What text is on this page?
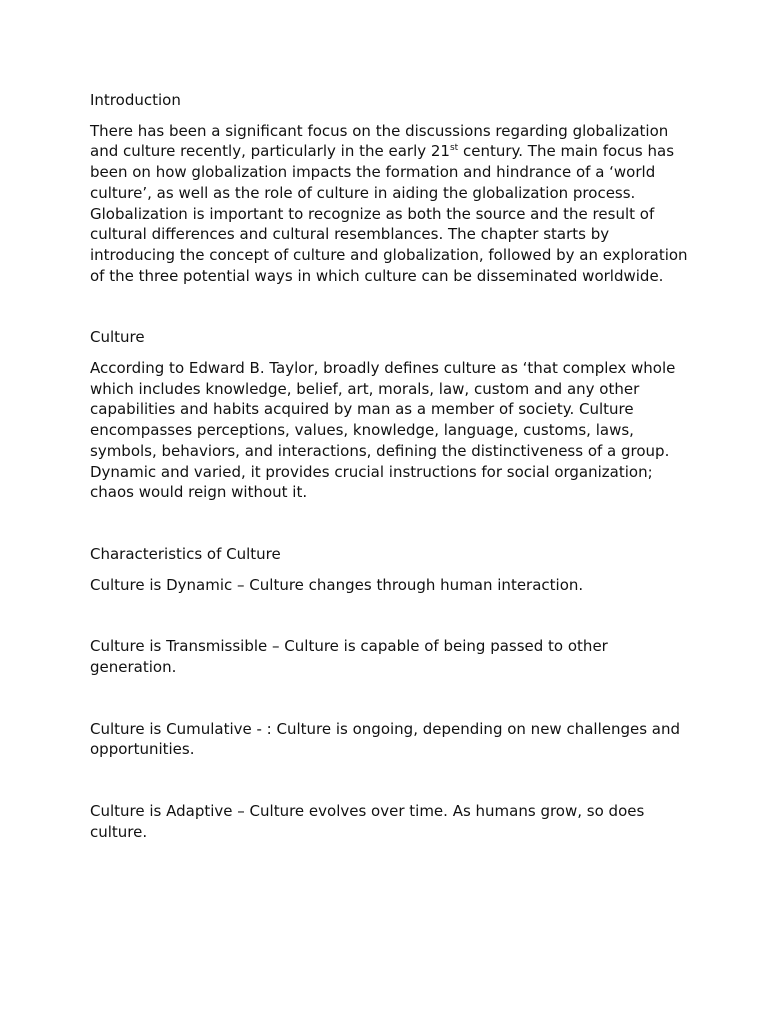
Introduction

There has been a significant focus on the discussions regarding globalization and culture recently, particularly in the early 21st century. The main focus has been on how globalization impacts the formation and hindrance of a ‘world culture’, as well as the role of culture in aiding the globalization process. Globalization is important to recognize as both the source and the result of cultural differences and cultural resemblances. The chapter starts by introducing the concept of culture and globalization, followed by an exploration of the three potential ways in which culture can be disseminated worldwide.

Culture

According to Edward B. Taylor, broadly defines culture as ‘that complex whole which includes knowledge, belief, art, morals, law, custom and any other capabilities and habits acquired by man as a member of society. Culture encompasses perceptions, values, knowledge, language, customs, laws, symbols, behaviors, and interactions, defining the distinctiveness of a group. Dynamic and varied, it provides crucial instructions for social organization; chaos would reign without it.

Characteristics of Culture

Culture is Dynamic – Culture changes through human interaction.

Culture is Transmissible – Culture is capable of being passed to other generation.

Culture is Cumulative - : Culture is ongoing, depending on new challenges and opportunities.

Culture is Adaptive – Culture evolves over time. As humans grow, so does culture.
